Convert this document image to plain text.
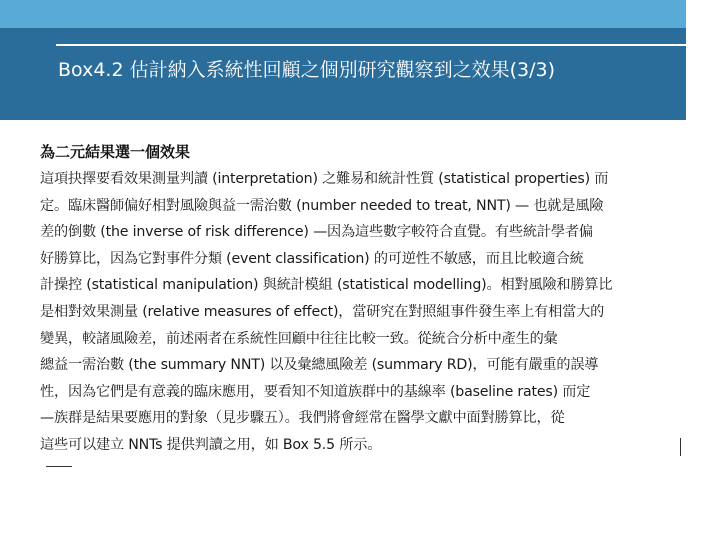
Box4.2 估計納入系統性回顧之個別研究觀察到之效果(3/3)
為二元結果選一個效果
這項抉擇要看效果測量判讀 (interpretation) 之難易和統計性質 (statistical properties) 而
定。臨床醫師偏好相對風險與益一需治數 (number needed to treat, NNT) — 也就是風險
差的倒數 (the inverse of risk difference) —因為這些數字較符合直覺。有些統計學者偏
好勝算比，因為它對事件分類 (event classification) 的可逆性不敏感，而且比較適合統
計操控 (statistical manipulation) 與統計模組 (statistical modelling)。相對風險和勝算比
是相對效果測量 (relative measures of effect)，當研究在對照組事件發生率上有相當大的
變異，較諸風險差，前述兩者在系統性回顧中往往比較一致。從統合分析中產生的彙
總益一需治數 (the summary NNT) 以及彙總風險差 (summary RD)，可能有嚴重的誤導
性，因為它們是有意義的臨床應用，要看知不知道族群中的基線率 (baseline rates) 而定
—族群是結果要應用的對象（見步驟五）。我們將會經常在醫學文獻中面對勝算比，從
這些可以建立 NNTs 提供判讀之用，如 Box 5.5 所示。
